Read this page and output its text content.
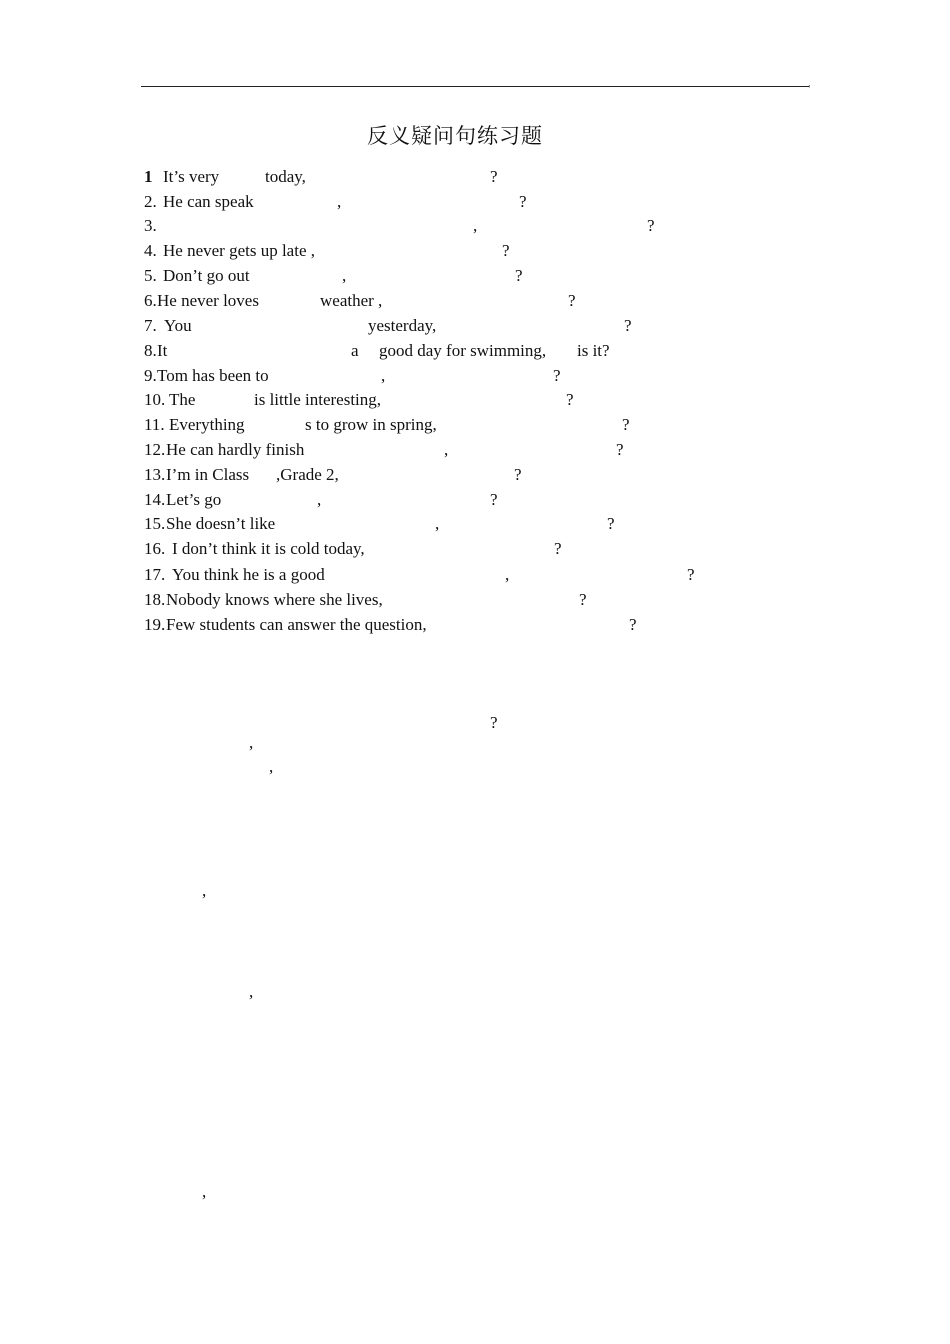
'
反义疑问句练习题
1 It’s very	today,	?
2. He can speak	,	?
3.	,	?
4. He never gets up late ,	?
5. Don’t go out	,	?
6. He never loves	weather ,	?
7. You	yesterday,	?
8. It	a good day for swimming, is it?
9. Tom has been to	,	?
10. The	is little interesting,	?
11. Everything	s to grow in spring,	?
12. He can hardly finish	,	?
13. I’m in Class ,Grade 2,	?
14. Let’s go	,	?
15. She doesn’t like	,	?
16. I don’t think it is cold today,	?
17. You think he is a good	,	?
18. Nobody knows where she lives,	?
19. Few students can answer the question,	?
?
,
,
,
,
,
